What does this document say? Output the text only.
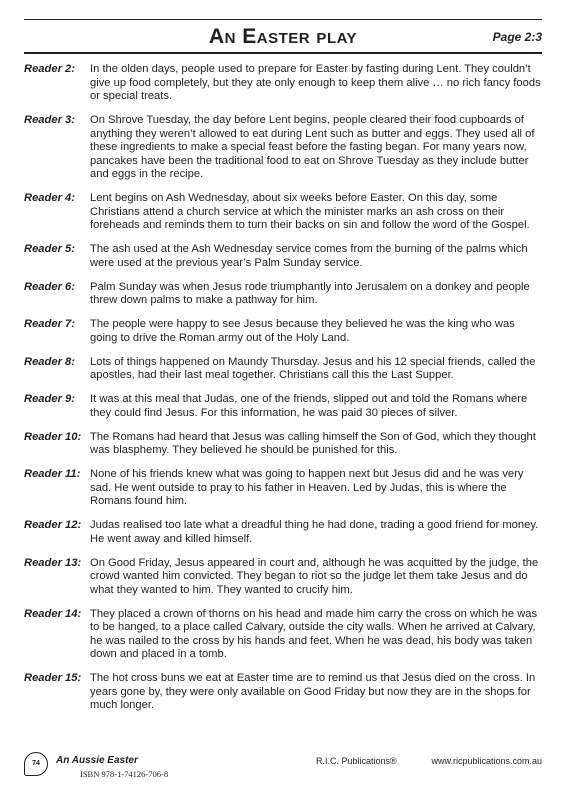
An Easter play	Page 2:3
Reader 2:	In the olden days, people used to prepare for Easter by fasting during Lent. They couldn’t give up food completely, but they ate only enough to keep them alive … no rich fancy foods or special treats.
Reader 3:	On Shrove Tuesday, the day before Lent begins, people cleared their food cupboards of anything they weren’t allowed to eat during Lent such as butter and eggs. They used all of these ingredients to make a special feast before the fasting began. For many years now, pancakes have been the traditional food to eat on Shrove Tuesday as they include butter and eggs in the recipe.
Reader 4:	Lent begins on Ash Wednesday, about six weeks before Easter. On this day, some Christians attend a church service at which the minister marks an ash cross on their foreheads and reminds them to turn their backs on sin and follow the word of the Gospel.
Reader 5:	The ash used at the Ash Wednesday service comes from the burning of the palms which were used at the previous year’s Palm Sunday service.
Reader 6:	Palm Sunday was when Jesus rode triumphantly into Jerusalem on a donkey and people threw down palms to make a pathway for him.
Reader 7:	The people were happy to see Jesus because they believed he was the king who was going to drive the Roman army out of the Holy Land.
Reader 8:	Lots of things happened on Maundy Thursday. Jesus and his 12 special friends, called the apostles, had their last meal together. Christians call this the Last Supper.
Reader 9:	It was at this meal that Judas, one of the friends, slipped out and told the Romans where they could find Jesus. For this information, he was paid 30 pieces of silver.
Reader 10: The Romans had heard that Jesus was calling himself the Son of God, which they thought was blasphemy. They believed he should be punished for this.
Reader 11: None of his friends knew what was going to happen next but Jesus did and he was very sad. He went outside to pray to his father in Heaven. Led by Judas, this is where the Romans found him.
Reader 12: Judas realised too late what a dreadful thing he had done, trading a good friend for money. He went away and killed himself.
Reader 13: On Good Friday, Jesus appeared in court and, although he was acquitted by the judge, the crowd wanted him convicted. They began to riot so the judge let them take Jesus and do what they wanted to him. They wanted to crucify him.
Reader 14: They placed a crown of thorns on his head and made him carry the cross on which he was to be hanged, to a place called Calvary, outside the city walls. When he arrived at Calvary, he was nailed to the cross by his hands and feet. When he was dead, his body was taken down and placed in a tomb.
Reader 15: The hot cross buns we eat at Easter time are to remind us that Jesus died on the cross. In years gone by, they were only available on Good Friday but now they are in the shops for much longer.
74	An Aussie Easter
ISBN 978-1-74126-706-8
R.I.C. Publications®	www.ricpublications.com.au
